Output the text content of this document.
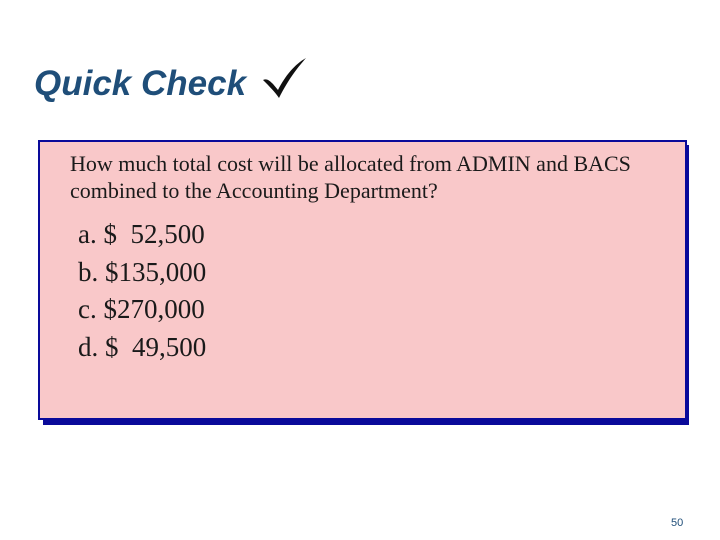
Quick Check
How much total cost will be allocated from ADMIN and BACS combined to the Accounting Department?
a. $  52,500
b. $135,000
c. $270,000
d. $  49,500
50
